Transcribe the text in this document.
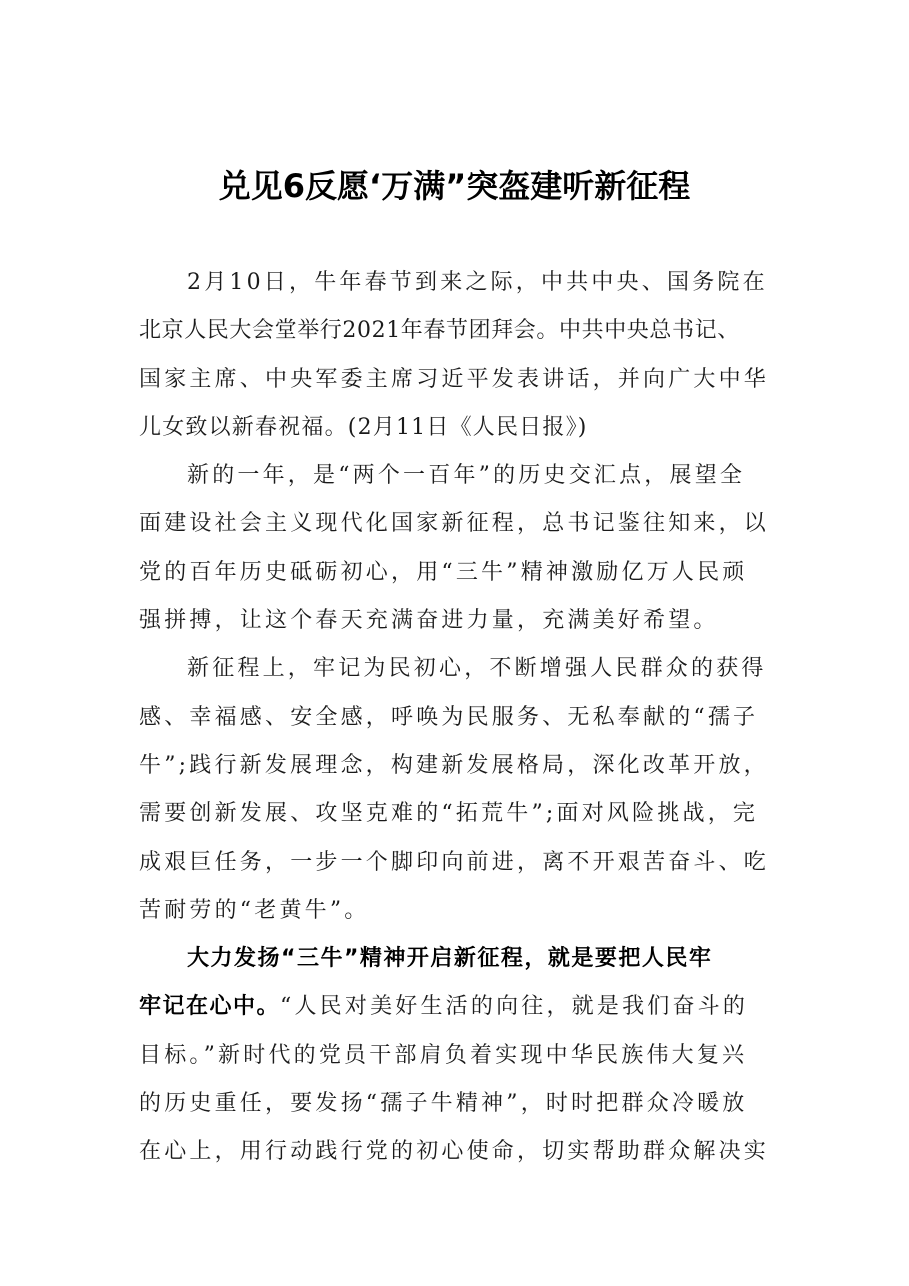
兑见6反愿‘万满”突盔建听新征程
2月10日，牛年春节到来之际，中共中央、国务院在
北京人民大会堂举行2021年春节团拜会。中共中央总书记、
国家主席、中央军委主席习近平发表讲话，并向广大中华
儿女致以新春祝福。(2月11日《人民日报》)
新的一年，是“两个一百年”的历史交汇点，展望全
面建设社会主义现代化国家新征程，总书记鉴往知来，以
党的百年历史砥砺初心，用“三牛”精神激励亿万人民顽
强拼搏，让这个春天充满奋进力量，充满美好希望。
新征程上，牢记为民初心，不断增强人民群众的获得
感、幸福感、安全感，呼唤为民服务、无私奉献的“孺子
牛”;践行新发展理念，构建新发展格局，深化改革开放，
需要创新发展、攻坚克难的“拓荒牛”;面对风险挑战，完
成艰巨任务，一步一个脚印向前进，离不开艰苦奋斗、吃
苦耐劳的“老黄牛”。
大力发扬“三牛”精神开启新征程，就是要把人民牢
牢记在心中。“人民对美好生活的向往，就是我们奋斗的
目标。”新时代的党员干部肩负着实现中华民族伟大复兴
的历史重任，要发扬“孺子牛精神”，时时把群众冷暖放
在心上，用行动践行党的初心使命，切实帮助群众解决实
